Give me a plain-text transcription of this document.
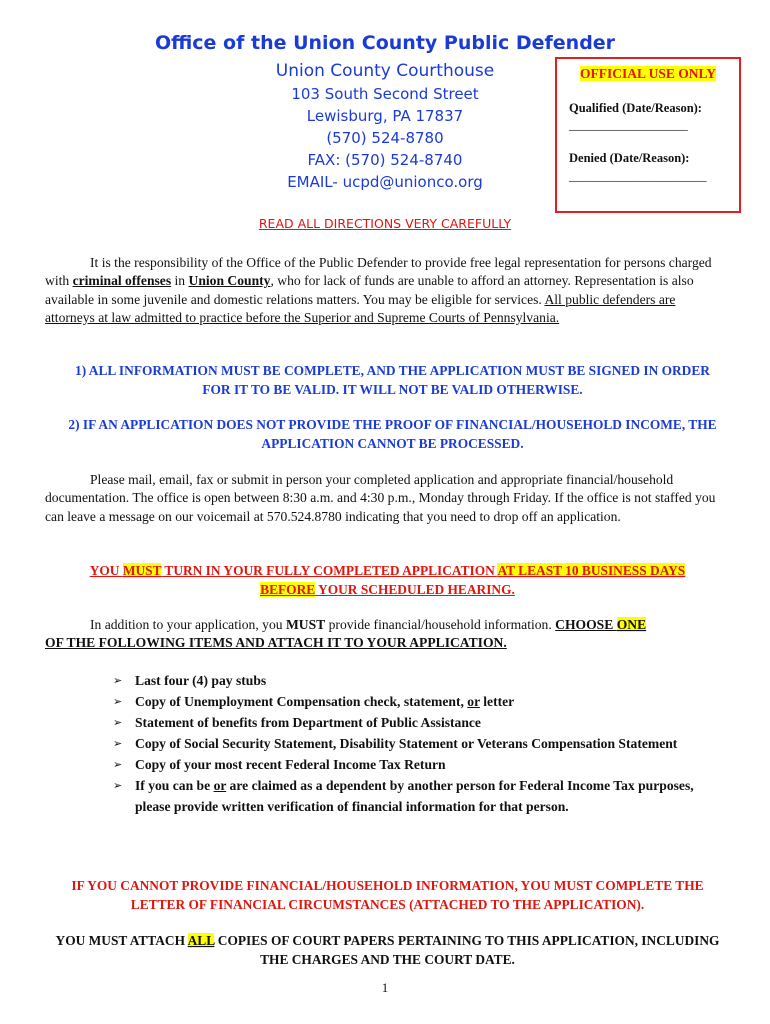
Office of the Union County Public Defender
Union County Courthouse
103 South Second Street
Lewisburg, PA 17837
(570) 524-8780
FAX: (570) 524-8740
EMAIL- ucpd@unionco.org
OFFICIAL USE ONLY
Qualified (Date/Reason):
___________________
Denied (Date/Reason):
______________________
READ ALL DIRECTIONS VERY CAREFULLY

It is the responsibility of the Office of the Public Defender to provide free legal representation for persons charged with criminal offenses in Union County, who for lack of funds are unable to afford an attorney. Representation is also available in some juvenile and domestic relations matters. You may be eligible for services. All public defenders are attorneys at law admitted to practice before the Superior and Supreme Courts of Pennsylvania.

1) ALL INFORMATION MUST BE COMPLETE, AND THE APPLICATION MUST BE SIGNED IN ORDER FOR IT TO BE VALID. IT WILL NOT BE VALID OTHERWISE.
2) IF AN APPLICATION DOES NOT PROVIDE THE PROOF OF FINANCIAL/HOUSEHOLD INCOME, THE APPLICATION CANNOT BE PROCESSED.

Please mail, email, fax or submit in person your completed application and appropriate financial/household documentation. The office is open between 8:30 a.m. and 4:30 p.m., Monday through Friday. If the office is not staffed you can leave a message on our voicemail at 570.524.8780 indicating that you need to drop off an application.

YOU MUST TURN IN YOUR FULLY COMPLETED APPLICATION AT LEAST 10 BUSINESS DAYS
BEFORE YOUR SCHEDULED HEARING.

In addition to your application, you MUST provide financial/household information. CHOOSE ONE
OF THE FOLLOWING ITEMS AND ATTACH IT TO YOUR APPLICATION.

➢ Last four (4) pay stubs
➢ Copy of Unemployment Compensation check, statement, or letter
➢ Statement of benefits from Department of Public Assistance
➢ Copy of Social Security Statement, Disability Statement or Veterans Compensation Statement
➢ Copy of your most recent Federal Income Tax Return
➢ If you can be or are claimed as a dependent by another person for Federal Income Tax purposes, please provide written verification of financial information for that person.
IF YOU CANNOT PROVIDE FINANCIAL/HOUSEHOLD INFORMATION, YOU MUST COMPLETE THE LETTER OF FINANCIAL CIRCUMSTANCES (ATTACHED TO THE APPLICATION).
YOU MUST ATTACH ALL COPIES OF COURT PAPERS PERTAINING TO THIS APPLICATION, INCLUDING THE CHARGES AND THE COURT DATE.
1
